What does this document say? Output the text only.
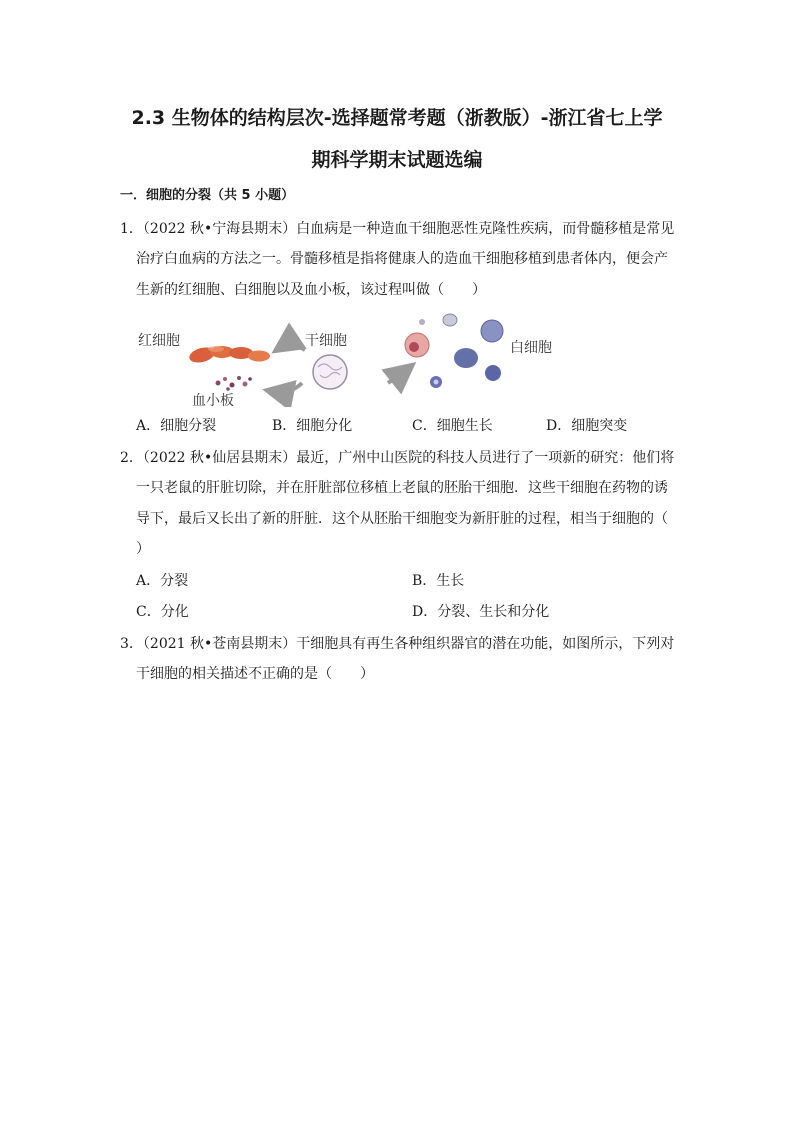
2.3 生物体的结构层次-选择题常考题（浙教版）-浙江省七上学
期科学期末试题选编
一．细胞的分裂（共 5 小题）
1．（2022 秋•宁海县期末）白血病是一种造血干细胞恶性克隆性疾病，而骨髓移植是常见
治疗白血病的方法之一。骨髓移植是指将健康人的造血干细胞移植到患者体内，便会产
生新的红细胞、白细胞以及血小板，该过程叫做（　　）
红细胞	干细胞	白细胞
血小板
A．细胞分裂	B．细胞分化	C．细胞生长	D．细胞突变
2．（2022 秋•仙居县期末）最近，广州中山医院的科技人员进行了一项新的研究：他们将
一只老鼠的肝脏切除，并在肝脏部位移植上老鼠的胚胎干细胞．这些干细胞在药物的诱
导下，最后又长出了新的肝脏．这个从胚胎干细胞变为新肝脏的过程，相当于细胞的（
）
A．分裂	B．生长
C．分化	D．分裂、生长和分化
3．（2021 秋•苍南县期末）干细胞具有再生各种组织器官的潜在功能，如图所示，下列对
干细胞的相关描述不正确的是（　　）
